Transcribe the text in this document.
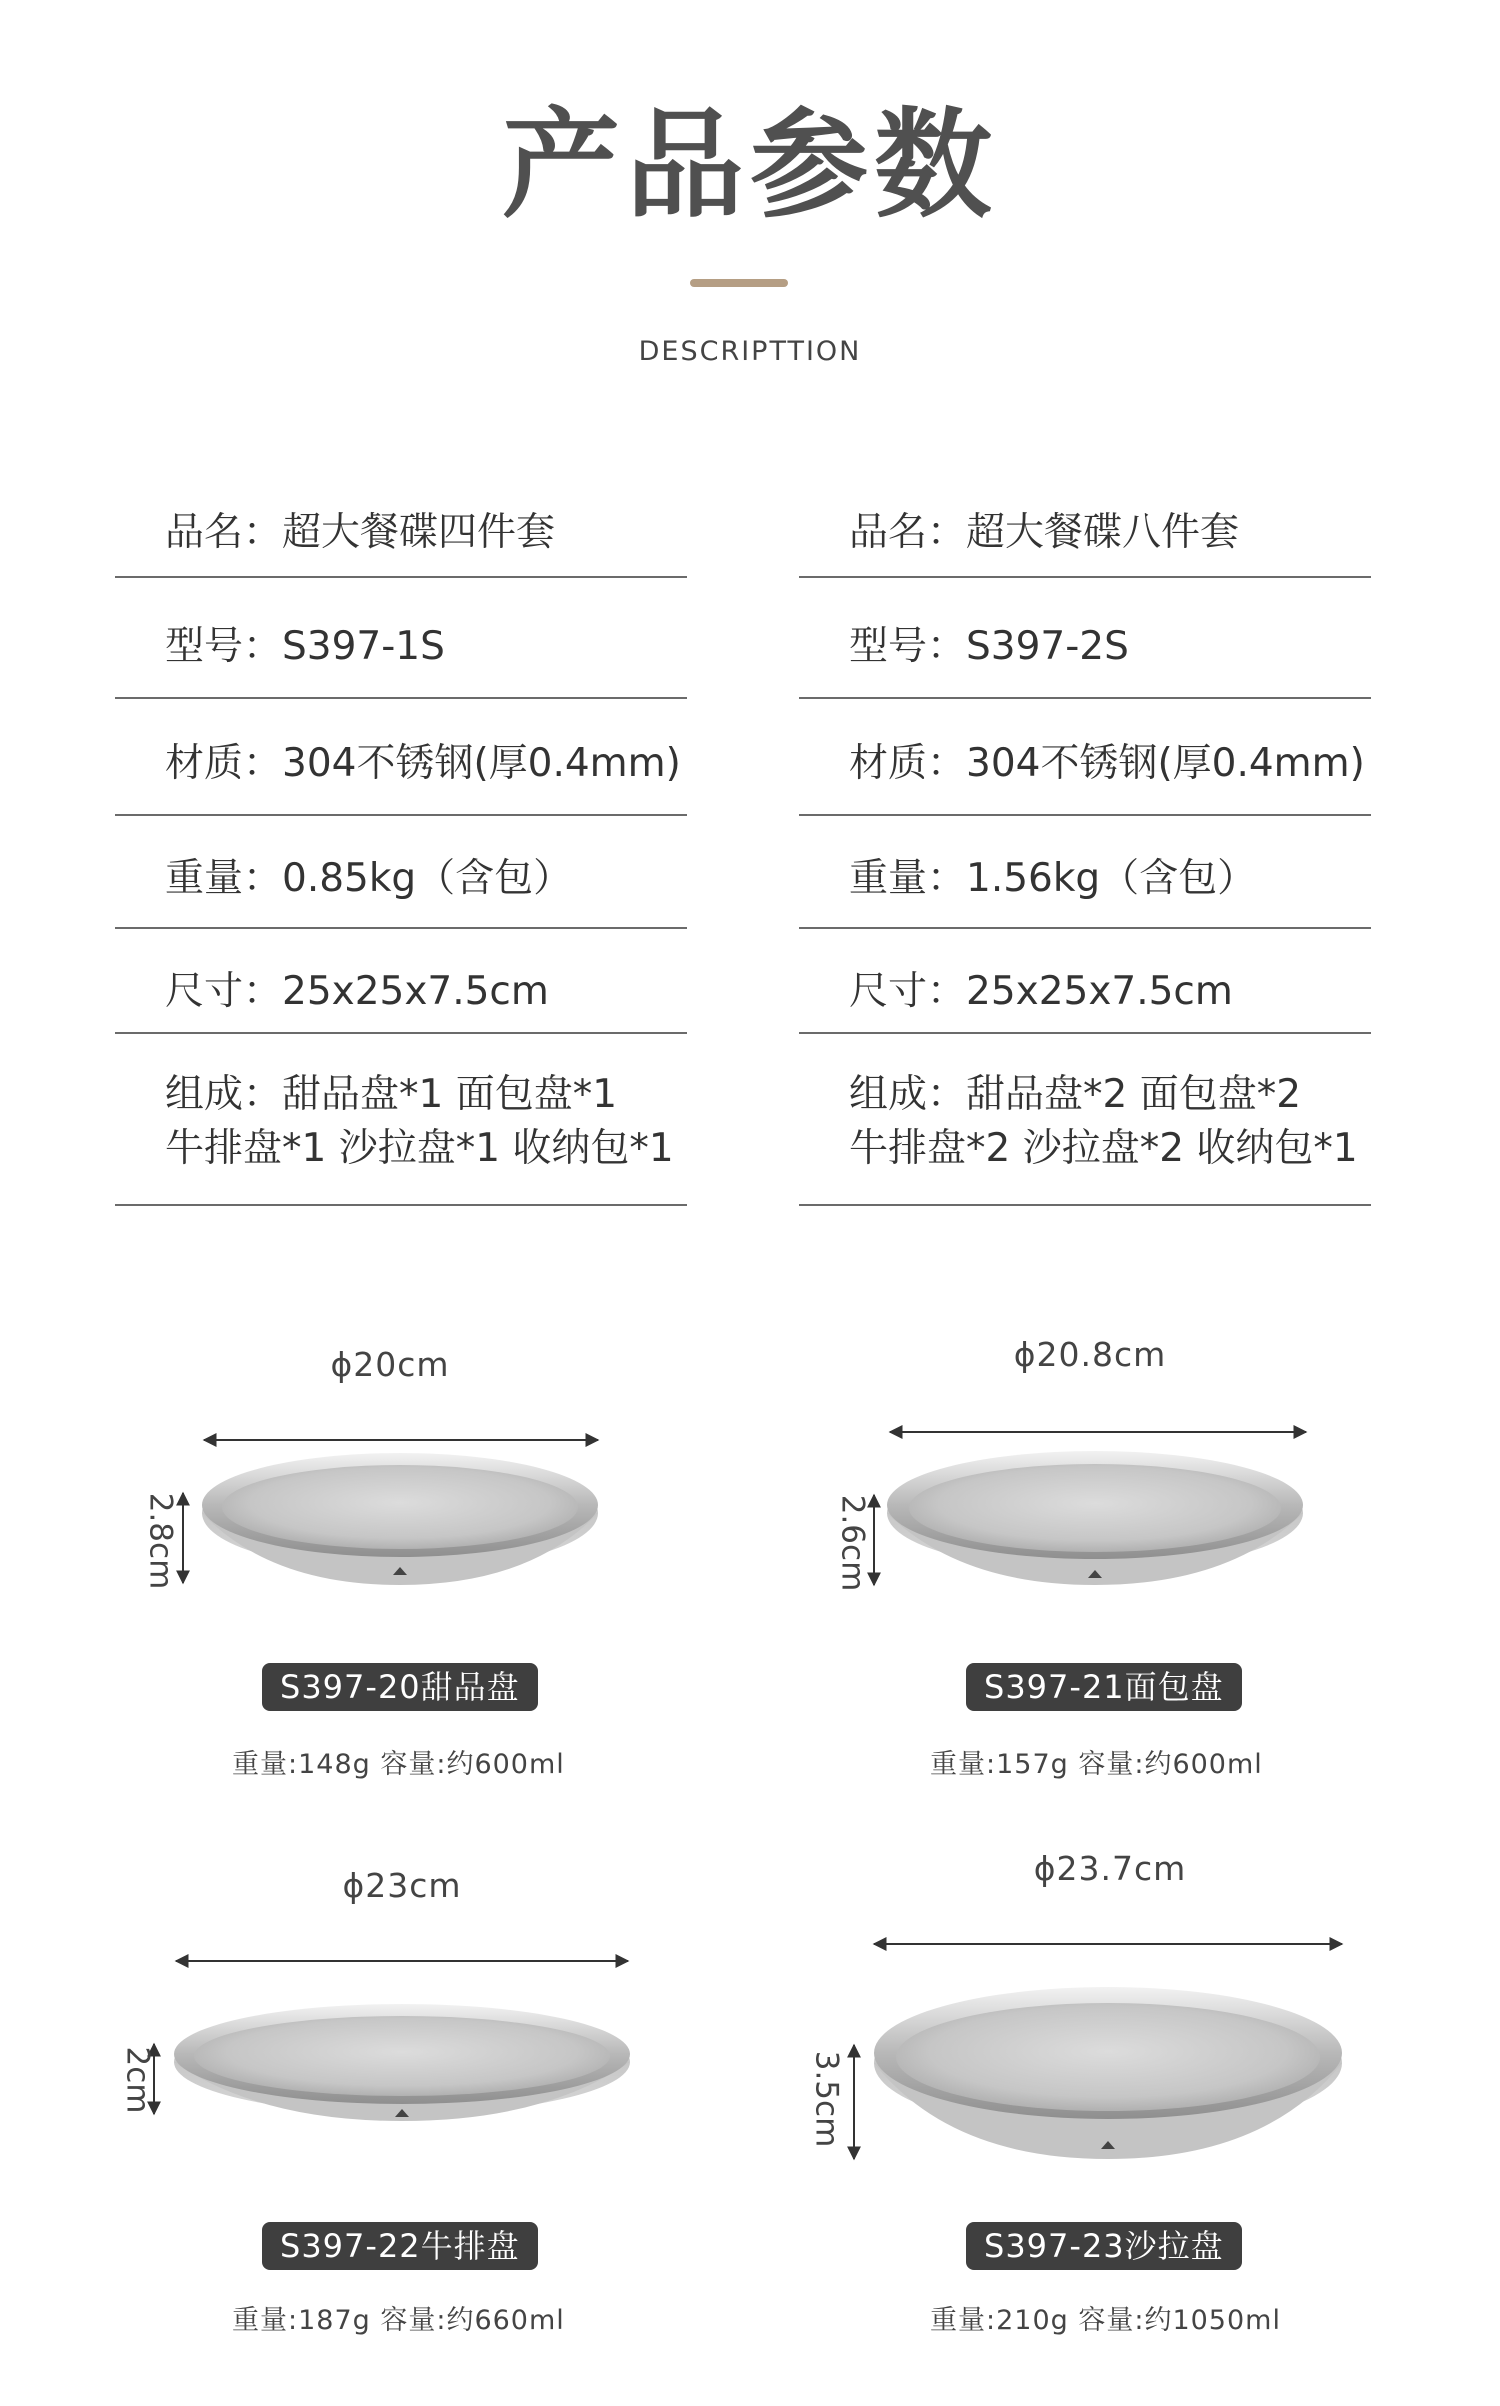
产品参数
DESCRIPTTION
品名：超大餐碟四件套
型号：S397-1S
材质：304不锈钢(厚0.4mm)
重量：0.85kg（含包）
尺寸：25x25x7.5cm
组成：甜品盘*1 面包盘*1
牛排盘*1 沙拉盘*1 收纳包*1
品名：超大餐碟八件套
型号：S397-2S
材质：304不锈钢(厚0.4mm)
重量：1.56kg（含包）
尺寸：25x25x7.5cm
组成：甜品盘*2 面包盘*2
牛排盘*2 沙拉盘*2 收纳包*1
ϕ20cm
2.8cm
S397-20甜品盘
重量:148g 容量:约600ml
ϕ20.8cm
2.6cm
S397-21面包盘
重量:157g 容量:约600ml
ϕ23cm
2cm
S397-22牛排盘
重量:187g 容量:约660ml
ϕ23.7cm
3.5cm
S397-23沙拉盘
重量:210g 容量:约1050ml
